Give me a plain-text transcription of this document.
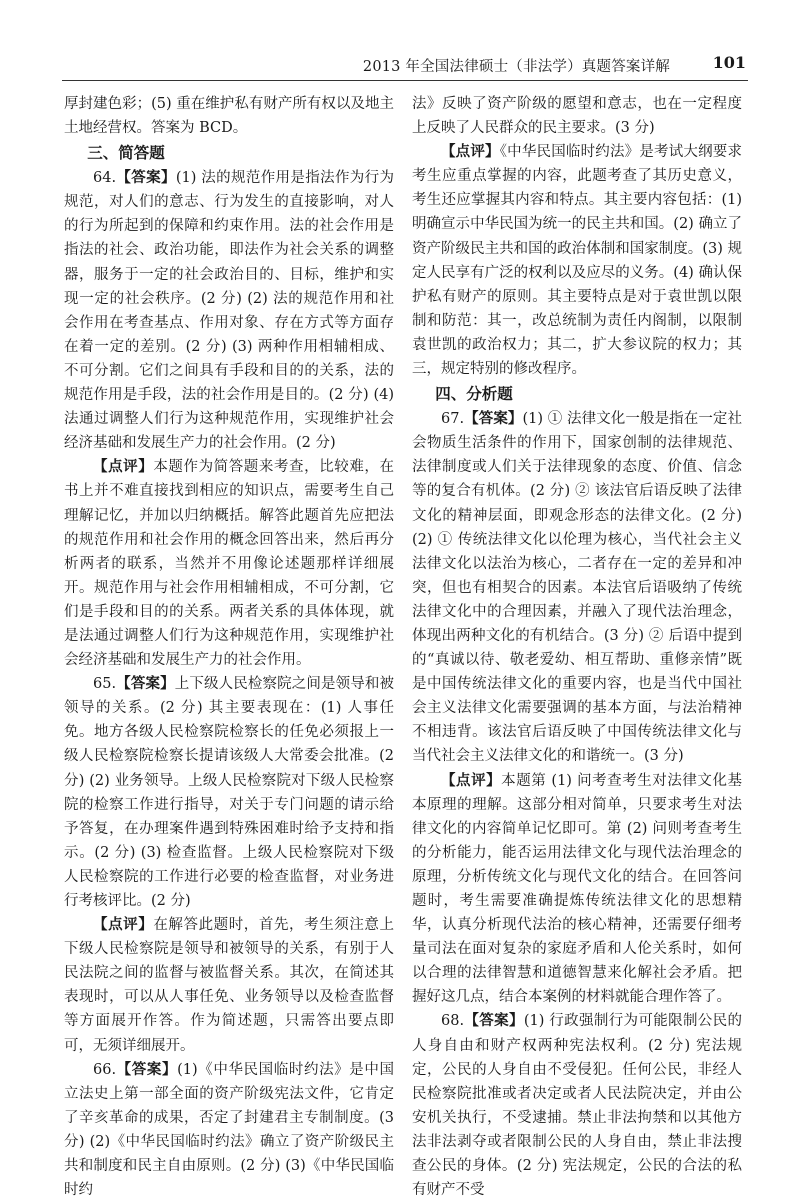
2013 年全国法律硕士（非法学）真题答案详解	101

厚封建色彩；(5) 重在维护私有财产所有权以及地主土地经营权。答案为 BCD。

三、简答题

64.【答案】(1) 法的规范作用是指法作为行为规范，对人们的意志、行为发生的直接影响，对人的行为所起到的保障和约束作用。法的社会作用是指法的社会、政治功能，即法作为社会关系的调整器，服务于一定的社会政治目的、目标，维护和实现一定的社会秩序。(2 分) (2) 法的规范作用和社会作用在考查基点、作用对象、存在方式等方面存在着一定的差别。(2 分) (3) 两种作用相辅相成、不可分割。它们之间具有手段和目的的关系，法的规范作用是手段，法的社会作用是目的。(2 分) (4) 法通过调整人们行为这种规范作用，实现维护社会经济基础和发展生产力的社会作用。(2 分)

【点评】本题作为简答题来考查，比较难，在书上并不难直接找到相应的知识点，需要考生自己理解记忆，并加以归纳概括。解答此题首先应把法的规范作用和社会作用的概念回答出来，然后再分析两者的联系，当然并不用像论述题那样详细展开。规范作用与社会作用相辅相成，不可分割，它们是手段和目的的关系。两者关系的具体体现，就是法通过调整人们行为这种规范作用，实现维护社会经济基础和发展生产力的社会作用。

65.【答案】上下级人民检察院之间是领导和被领导的关系。(2 分) 其主要表现在：(1) 人事任免。地方各级人民检察院检察长的任免必须报上一级人民检察院检察长提请该级人大常委会批准。(2 分) (2) 业务领导。上级人民检察院对下级人民检察院的检察工作进行指导，对关于专门问题的请示给予答复，在办理案件遇到特殊困难时给予支持和指示。(2 分) (3) 检查监督。上级人民检察院对下级人民检察院的工作进行必要的检查监督，对业务进行考核评比。(2 分)

【点评】在解答此题时，首先，考生须注意上下级人民检察院是领导和被领导的关系，有别于人民法院之间的监督与被监督关系。其次，在简述其表现时，可以从人事任免、业务领导以及检查监督等方面展开作答。作为简述题，只需答出要点即可，无须详细展开。

66.【答案】(1)《中华民国临时约法》是中国立法史上第一部全面的资产阶级宪法文件，它肯定了辛亥革命的成果，否定了封建君主专制制度。(3 分) (2)《中华民国临时约法》确立了资产阶级民主共和制度和民主自由原则。(2 分) (3)《中华民国临时约

法》反映了资产阶级的愿望和意志，也在一定程度上反映了人民群众的民主要求。(3 分)

【点评】《中华民国临时约法》是考试大纲要求考生应重点掌握的内容，此题考查了其历史意义，考生还应掌握其内容和特点。其主要内容包括：(1) 明确宣示中华民国为统一的民主共和国。(2) 确立了资产阶级民主共和国的政治体制和国家制度。(3) 规定人民享有广泛的权利以及应尽的义务。(4) 确认保护私有财产的原则。其主要特点是对于袁世凯以限制和防范：其一，改总统制为责任内阁制，以限制袁世凯的政治权力；其二，扩大参议院的权力；其三，规定特别的修改程序。

四、分析题

67.【答案】(1) ① 法律文化一般是指在一定社会物质生活条件的作用下，国家创制的法律规范、法律制度或人们关于法律现象的态度、价值、信念等的复合有机体。(2 分) ② 该法官后语反映了法律文化的精神层面，即观念形态的法律文化。(2 分) (2) ① 传统法律文化以伦理为核心，当代社会主义法律文化以法治为核心，二者存在一定的差异和冲突，但也有相契合的因素。本法官后语吸纳了传统法律文化中的合理因素，并融入了现代法治理念，体现出两种文化的有机结合。(3 分) ② 后语中提到的“真诚以待、敬老爱幼、相互帮助、重修亲情”既是中国传统法律文化的重要内容，也是当代中国社会主义法律文化需要强调的基本方面，与法治精神不相违背。该法官后语反映了中国传统法律文化与当代社会主义法律文化的和谐统一。(3 分)

【点评】本题第 (1) 问考查考生对法律文化基本原理的理解。这部分相对简单，只要求考生对法律文化的内容简单记忆即可。第 (2) 问则考查考生的分析能力，能否运用法律文化与现代法治理念的原理，分析传统文化与现代文化的结合。在回答问题时，考生需要准确提炼传统法律文化的思想精华，认真分析现代法治的核心精神，还需要仔细考量司法在面对复杂的家庭矛盾和人伦关系时，如何以合理的法律智慧和道德智慧来化解社会矛盾。把握好这几点，结合本案例的材料就能合理作答了。

68.【答案】(1) 行政强制行为可能限制公民的人身自由和财产权两种宪法权利。(2 分) 宪法规定，公民的人身自由不受侵犯。任何公民，非经人民检察院批准或者决定或者人民法院决定，并由公安机关执行，不受逮捕。禁止非法拘禁和以其他方法非法剥夺或者限制公民的人身自由，禁止非法搜查公民的身体。(2 分) 宪法规定，公民的合法的私有财产不受
